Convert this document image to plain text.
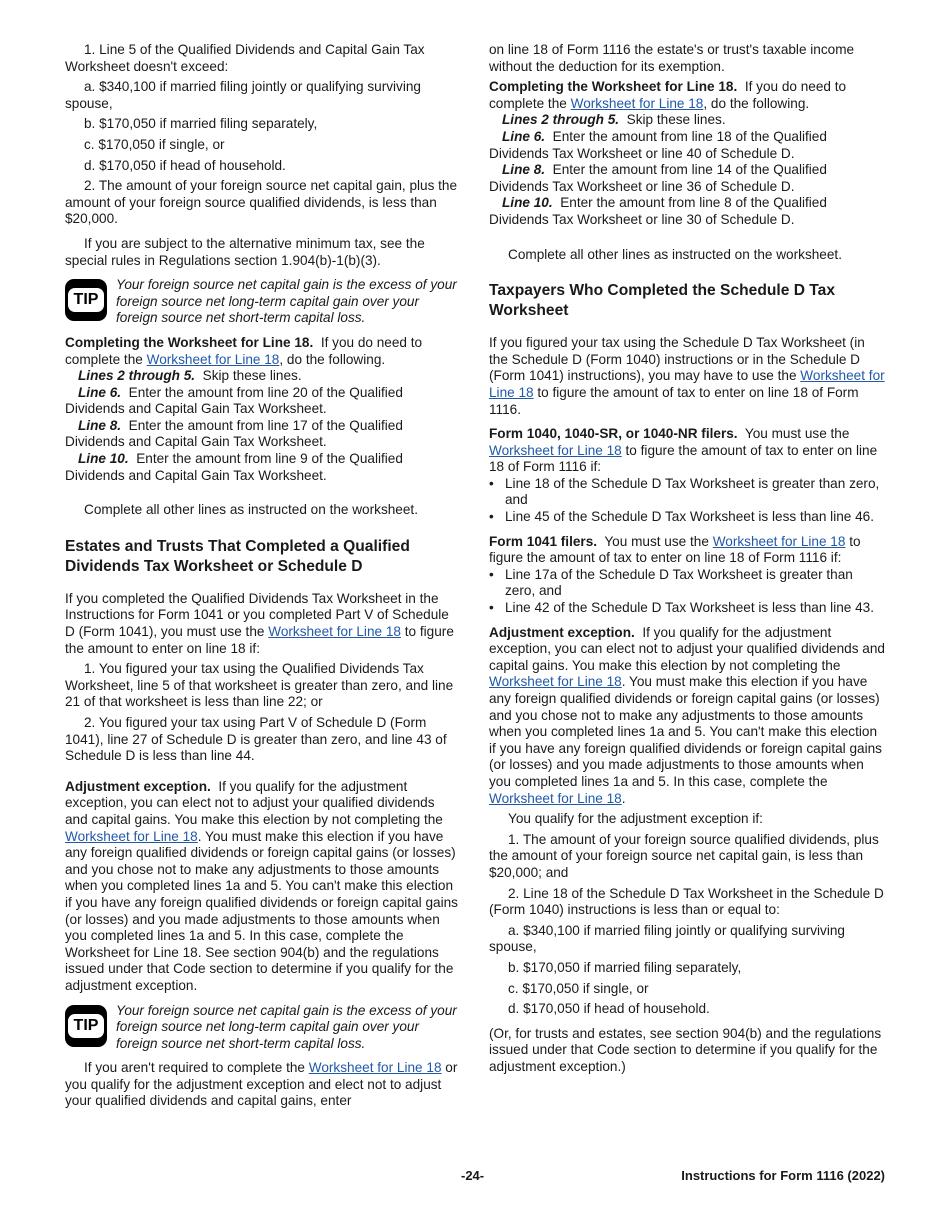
1. Line 5 of the Qualified Dividends and Capital Gain Tax Worksheet doesn't exceed:

a. $340,100 if married filing jointly or qualifying surviving spouse,

b. $170,050 if married filing separately,

c. $170,050 if single, or

d. $170,050 if head of household.

2. The amount of your foreign source net capital gain, plus the amount of your foreign source qualified dividends, is less than $20,000.

If you are subject to the alternative minimum tax, see the special rules in Regulations section 1.904(b)-1(b)(3).

TIP

Your foreign source net capital gain is the excess of your foreign source net long-term capital gain over your foreign source net short-term capital loss.

Completing the Worksheet for Line 18. If you do need to complete the Worksheet for Line 18, do the following.

Lines 2 through 5. Skip these lines.

Line 6. Enter the amount from line 20 of the Qualified Dividends and Capital Gain Tax Worksheet.

Line 8. Enter the amount from line 17 of the Qualified Dividends and Capital Gain Tax Worksheet.

Line 10. Enter the amount from line 9 of the Qualified Dividends and Capital Gain Tax Worksheet.

Complete all other lines as instructed on the worksheet.

Estates and Trusts That Completed a Qualified Dividends Tax Worksheet or Schedule D

If you completed the Qualified Dividends Tax Worksheet in the Instructions for Form 1041 or you completed Part V of Schedule D (Form 1041), you must use the Worksheet for Line 18 to figure the amount to enter on line 18 if:

1. You figured your tax using the Qualified Dividends Tax Worksheet, line 5 of that worksheet is greater than zero, and line 21 of that worksheet is less than line 22; or

2. You figured your tax using Part V of Schedule D (Form 1041), line 27 of Schedule D is greater than zero, and line 43 of Schedule D is less than line 44.

Adjustment exception. If you qualify for the adjustment exception, you can elect not to adjust your qualified dividends and capital gains. You make this election by not completing the Worksheet for Line 18. You must make this election if you have any foreign qualified dividends or foreign capital gains (or losses) and you chose not to make any adjustments to those amounts when you completed lines 1a and 5. You can't make this election if you have any foreign qualified dividends or foreign capital gains (or losses) and you made adjustments to those amounts when you completed lines 1a and 5. In this case, complete the Worksheet for Line 18. See section 904(b) and the regulations issued under that Code section to determine if you qualify for the adjustment exception.

TIP

Your foreign source net capital gain is the excess of your foreign source net long-term capital gain over your foreign source net short-term capital loss.

If you aren't required to complete the Worksheet for Line 18 or you qualify for the adjustment exception and elect not to adjust your qualified dividends and capital gains, enter

on line 18 of Form 1116 the estate's or trust's taxable income without the deduction for its exemption.

Completing the Worksheet for Line 18. If you do need to complete the Worksheet for Line 18, do the following.

Lines 2 through 5. Skip these lines.

Line 6. Enter the amount from line 18 of the Qualified Dividends Tax Worksheet or line 40 of Schedule D.

Line 8. Enter the amount from line 14 of the Qualified Dividends Tax Worksheet or line 36 of Schedule D.

Line 10. Enter the amount from line 8 of the Qualified Dividends Tax Worksheet or line 30 of Schedule D.

Complete all other lines as instructed on the worksheet.

Taxpayers Who Completed the Schedule D Tax Worksheet

If you figured your tax using the Schedule D Tax Worksheet (in the Schedule D (Form 1040) instructions or in the Schedule D (Form 1041) instructions), you may have to use the Worksheet for Line 18 to figure the amount of tax to enter on line 18 of Form 1116.

Form 1040, 1040-SR, or 1040-NR filers. You must use the Worksheet for Line 18 to figure the amount of tax to enter on line 18 of Form 1116 if:

• Line 18 of the Schedule D Tax Worksheet is greater than zero, and
• Line 45 of the Schedule D Tax Worksheet is less than line 46.

Form 1041 filers. You must use the Worksheet for Line 18 to figure the amount of tax to enter on line 18 of Form 1116 if:

• Line 17a of the Schedule D Tax Worksheet is greater than zero, and
• Line 42 of the Schedule D Tax Worksheet is less than line 43.

Adjustment exception. If you qualify for the adjustment exception, you can elect not to adjust your qualified dividends and capital gains. You make this election by not completing the Worksheet for Line 18. You must make this election if you have any foreign qualified dividends or foreign capital gains (or losses) and you chose not to make any adjustments to those amounts when you completed lines 1a and 5. You can't make this election if you have any foreign qualified dividends or foreign capital gains (or losses) and you made adjustments to those amounts when you completed lines 1a and 5. In this case, complete the Worksheet for Line 18.

You qualify for the adjustment exception if:

1. The amount of your foreign source qualified dividends, plus the amount of your foreign source net capital gain, is less than $20,000; and

2. Line 18 of the Schedule D Tax Worksheet in the Schedule D (Form 1040) instructions is less than or equal to:

a. $340,100 if married filing jointly or qualifying surviving spouse,

b. $170,050 if married filing separately,

c. $170,050 if single, or

d. $170,050 if head of household.

(Or, for trusts and estates, see section 904(b) and the regulations issued under that Code section to determine if you qualify for the adjustment exception.)

-24-	Instructions for Form 1116 (2022)
